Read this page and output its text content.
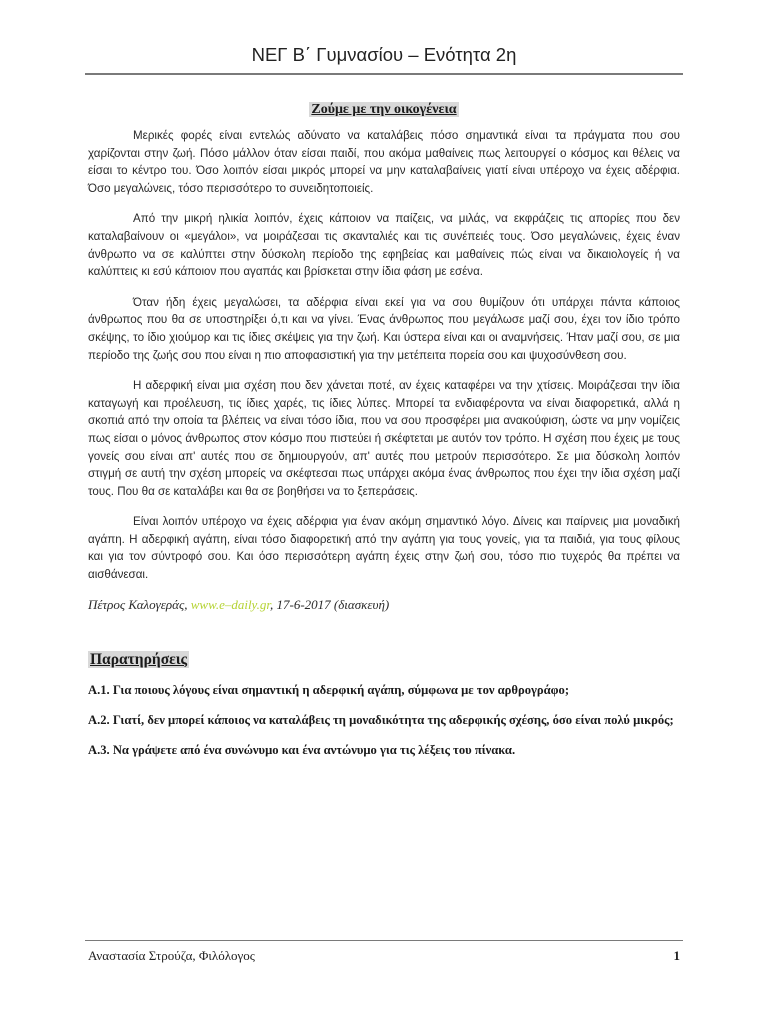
ΝΕΓ Β΄ Γυμνασίου – Ενότητα 2η
Ζούμε με την οικογένεια

Μερικές φορές είναι εντελώς αδύνατο να καταλάβεις πόσο σημαντικά είναι τα πράγματα που σου χαρίζονται στην ζωή. Πόσο μάλλον όταν είσαι παιδί, που ακόμα μαθαίνεις πως λειτουργεί ο κόσμος και θέλεις να είσαι το κέντρο του. Όσο λοιπόν είσαι μικρός μπορεί να μην καταλαβαίνεις γιατί είναι υπέροχο να έχεις αδέρφια. Όσο μεγαλώνεις, τόσο περισσότερο το συνειδητοποιείς.

Από την μικρή ηλικία λοιπόν, έχεις κάποιον να παίζεις, να μιλάς, να εκφράζεις τις απορίες που δεν καταλαβαίνουν οι «μεγάλοι», να μοιράζεσαι τις σκανταλιές και τις συνέπειές τους. Όσο μεγαλώνεις, έχεις έναν άνθρωπο να σε καλύπτει στην δύσκολη περίοδο της εφηβείας και μαθαίνεις πώς είναι να δικαιολογείς ή να καλύπτεις κι εσύ κάποιον που αγαπάς και βρίσκεται στην ίδια φάση με εσένα.

Όταν ήδη έχεις μεγαλώσει, τα αδέρφια είναι εκεί για να σου θυμίζουν ότι υπάρχει πάντα κάποιος άνθρωπος που θα σε υποστηρίξει ό,τι και να γίνει. Ένας άνθρωπος που μεγάλωσε μαζί σου, έχει τον ίδιο τρόπο σκέψης, το ίδιο χιούμορ και τις ίδιες σκέψεις για την ζωή. Και ύστερα είναι και οι αναμνήσεις. Ήταν μαζί σου, σε μια περίοδο της ζωής σου που είναι η πιο αποφασιστική για την μετέπειτα πορεία σου και ψυχοσύνθεση σου.

Η αδερφική είναι μια σχέση που δεν χάνεται ποτέ, αν έχεις καταφέρει να την χτίσεις. Μοιράζεσαι την ίδια καταγωγή και προέλευση, τις ίδιες χαρές, τις ίδιες λύπες. Μπορεί τα ενδιαφέροντα να είναι διαφορετικά, αλλά η σκοπιά από την οποία τα βλέπεις να είναι τόσο ίδια, που να σου προσφέρει μια ανακούφιση, ώστε να μην νομίζεις πως είσαι ο μόνος άνθρωπος στον κόσμο που πιστεύει ή σκέφτεται με αυτόν τον τρόπο. Η σχέση που έχεις με τους γονείς σου είναι απ' αυτές που σε δημιουργούν, απ' αυτές που μετρούν περισσότερο. Σε μια δύσκολη λοιπόν στιγμή σε αυτή την σχέση μπορείς να σκέφτεσαι πως υπάρχει ακόμα ένας άνθρωπος που έχει την ίδια σχέση μαζί τους. Που θα σε καταλάβει και θα σε βοηθήσει να το ξεπεράσεις.

Είναι λοιπόν υπέροχο να έχεις αδέρφια για έναν ακόμη σημαντικό λόγο. Δίνεις και παίρνεις μια μοναδική αγάπη. Η αδερφική αγάπη, είναι τόσο διαφορετική από την αγάπη για τους γονείς, για τα παιδιά, για τους φίλους και για τον σύντροφό σου. Και όσο περισσότερη αγάπη έχεις στην ζωή σου, τόσο πιο τυχερός θα πρέπει να αισθάνεσαι.

Πέτρος Καλογεράς, www.e–daily.gr, 17-6-2017 (διασκευή)

Παρατηρήσεις

Α.1. Για ποιους λόγους είναι σημαντική η αδερφική αγάπη, σύμφωνα με τον αρθρογράφο;

Α.2. Γιατί, δεν μπορεί κάποιος να καταλάβεις τη μοναδικότητα της αδερφικής σχέσης, όσο είναι πολύ μικρός;

Α.3. Να γράψετε από ένα συνώνυμο και ένα αντώνυμο για τις λέξεις του πίνακα.

Αναστασία Στρούζα, Φιλόλογος	1
